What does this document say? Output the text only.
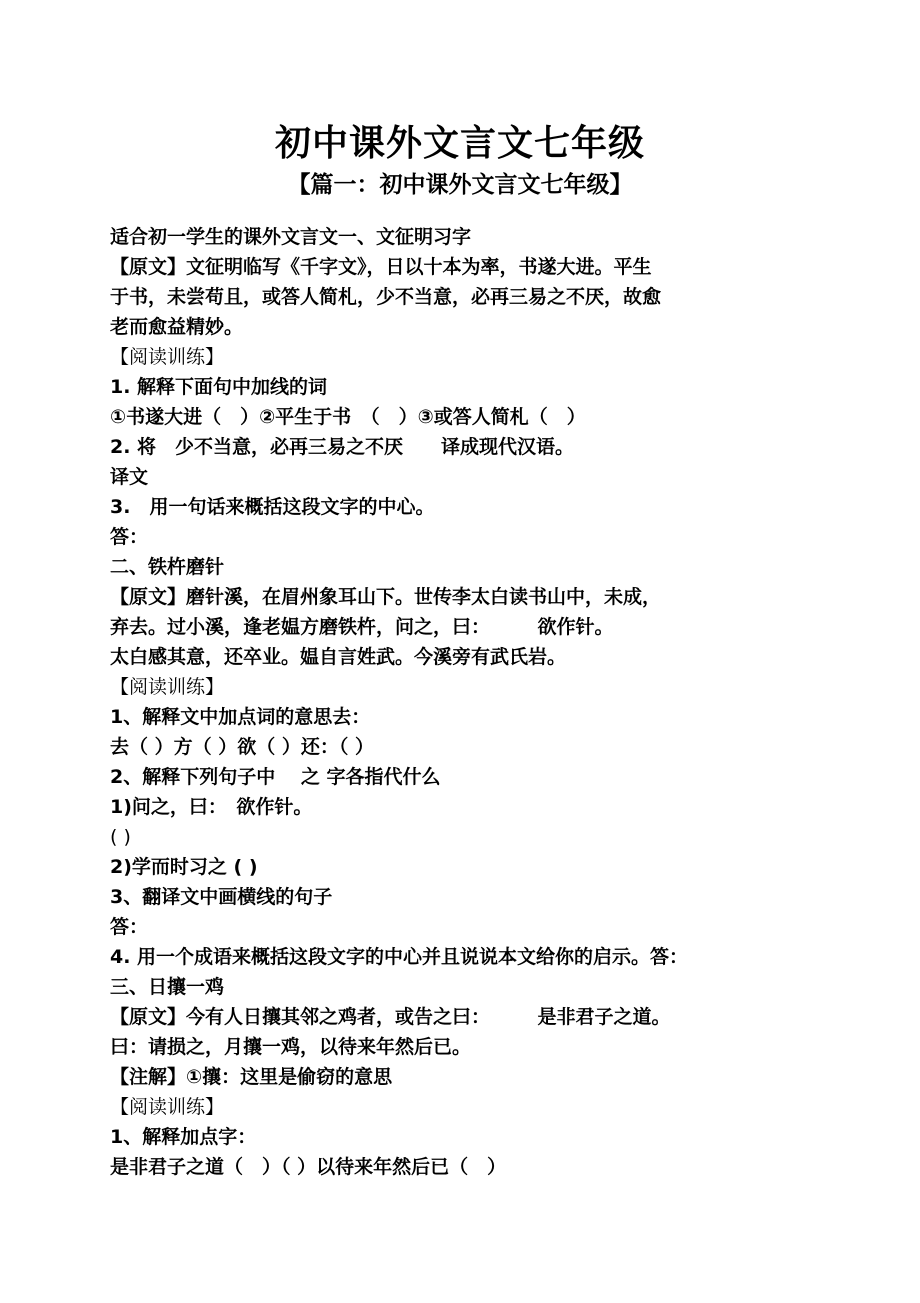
初中课外文言文七年级
【篇一：初中课外文言文七年级】
适合初一学生的课外文言文一、文征明习字
【原文】文征明临写《千字文》，日以十本为率，书遂大进。平生
于书，未尝苟且，或答人简札，少不当意，必再三易之不厌，故愈
老而愈益精妙。
【阅读训练】
1. 解释下面句中加线的词
①书遂大进（　）②平生于书　（　）③或答人简札（　）
2. 将　少不当意，必再三易之不厌　　译成现代汉语。
译文
3.　用一句话来概括这段文字的中心。
答：
二、铁杵磨针
【原文】磨针溪，在眉州象耳山下。世传李太白读书山中，未成，
弃去。过小溪，逢老媪方磨铁杵，问之，曰：　　　欲作针。
太白感其意，还卒业。媪自言姓武。今溪旁有武氏岩。
【阅读训练】
1、解释文中加点词的意思去：
去（ ）方（ ）欲（ ）还：（ ）
2、解释下列句子中　 之 字各指代什么
1)问之，曰：　欲作针。
( )
2)学而时习之 ( )
3、翻译文中画横线的句子
答：
4. 用一个成语来概括这段文字的中心并且说说本文给你的启示。答：
三、日攘一鸡
【原文】今有人日攘其邻之鸡者，或告之曰：　　　是非君子之道。
曰：请损之，月攘一鸡，以待来年然后已。
【注解】①攘：这里是偷窃的意思
【阅读训练】
1、解释加点字：
是非君子之道（　）（ ）以待来年然后已（　）
